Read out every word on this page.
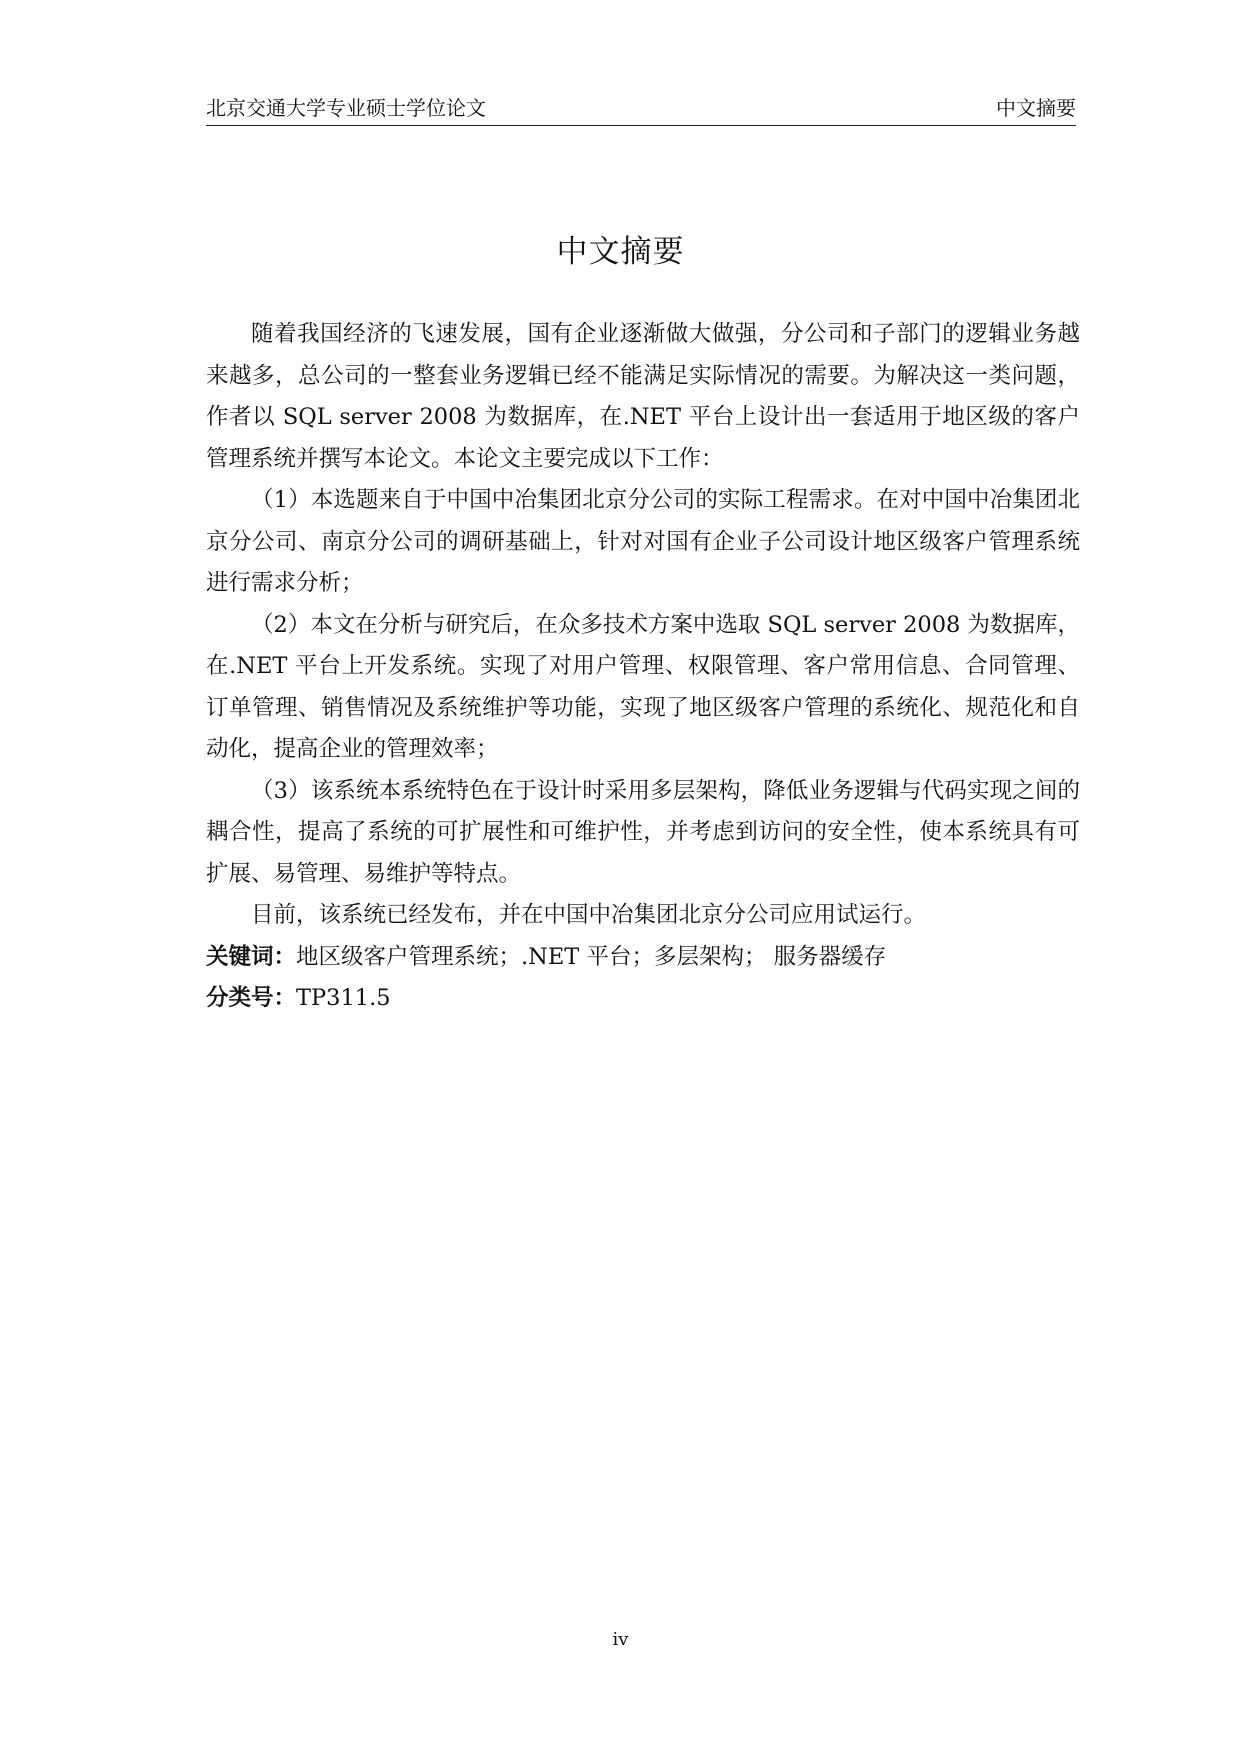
北京交通大学专业硕士学位论文	中文摘要
中文摘要

随着我国经济的飞速发展，国有企业逐渐做大做强，分公司和子部门的逻辑业务越来越多，总公司的一整套业务逻辑已经不能满足实际情况的需要。为解决这一类问题，作者以 SQL server 2008 为数据库，在.NET 平台上设计出一套适用于地区级的客户管理系统并撰写本论文。本论文主要完成以下工作：

（1）本选题来自于中国中冶集团北京分公司的实际工程需求。在对中国中冶集团北京分公司、南京分公司的调研基础上，针对对国有企业子公司设计地区级客户管理系统进行需求分析；

（2）本文在分析与研究后，在众多技术方案中选取 SQL server 2008 为数据库，在.NET 平台上开发系统。实现了对用户管理、权限管理、客户常用信息、合同管理、订单管理、销售情况及系统维护等功能，实现了地区级客户管理的系统化、规范化和自动化，提高企业的管理效率；

（3）该系统本系统特色在于设计时采用多层架构，降低业务逻辑与代码实现之间的耦合性，提高了系统的可扩展性和可维护性，并考虑到访问的安全性，使本系统具有可扩展、易管理、易维护等特点。

目前，该系统已经发布，并在中国中冶集团北京分公司应用试运行。

关键词：地区级客户管理系统；.NET 平台；多层架构； 服务器缓存

分类号：TP311.5

iv
